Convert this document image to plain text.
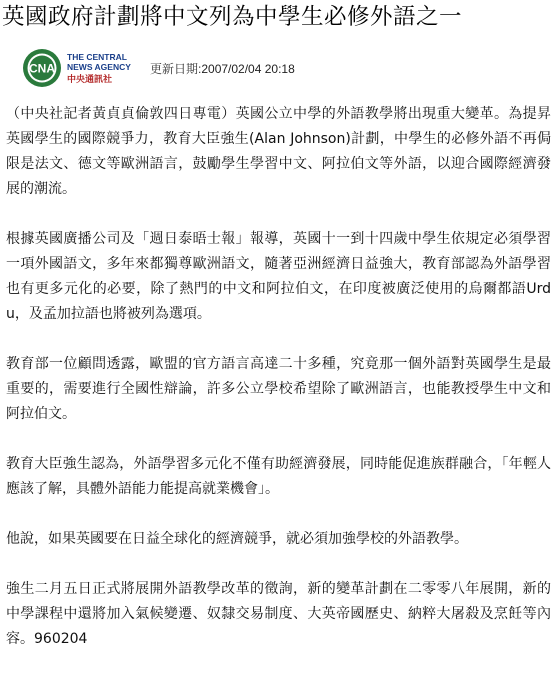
英國政府計劃將中文列為中學生必修外語之一
CNA
THE CENTRAL
NEWS AGENCY
中央通訊社
更新日期:2007/02/04 20:18

（中央社記者黃貞貞倫敦四日專電）英國公立中學的外語教學將出現重大變革。為提昇英國學生的國際競爭力，教育大臣強生(Alan Johnson)計劃，中學生的必修外語不再侷限是法文、德文等歐洲語言，鼓勵學生學習中文、阿拉伯文等外語，以迎合國際經濟發展的潮流。

根據英國廣播公司及「週日泰晤士報」報導，英國十一到十四歲中學生依規定必須學習一項外國語文，多年來都獨尊歐洲語文，隨著亞洲經濟日益強大，教育部認為外語學習也有更多元化的必要，除了熱門的中文和阿拉伯文，在印度被廣泛使用的烏爾都語Urdu，及孟加拉語也將被列為選項。

教育部一位顧問透露，歐盟的官方語言高達二十多種，究竟那一個外語對英國學生是最重要的，需要進行全國性辯論，許多公立學校希望除了歐洲語言，也能教授學生中文和阿拉伯文。

教育大臣強生認為，外語學習多元化不僅有助經濟發展，同時能促進族群融合，「年輕人應該了解，具體外語能力能提高就業機會」。

他說，如果英國要在日益全球化的經濟競爭，就必須加強學校的外語教學。

強生二月五日正式將展開外語教學改革的徵詢，新的變革計劃在二零零八年展開，新的中學課程中還將加入氣候變遷、奴隸交易制度、大英帝國歷史、納粹大屠殺及烹飪等內容。960204
